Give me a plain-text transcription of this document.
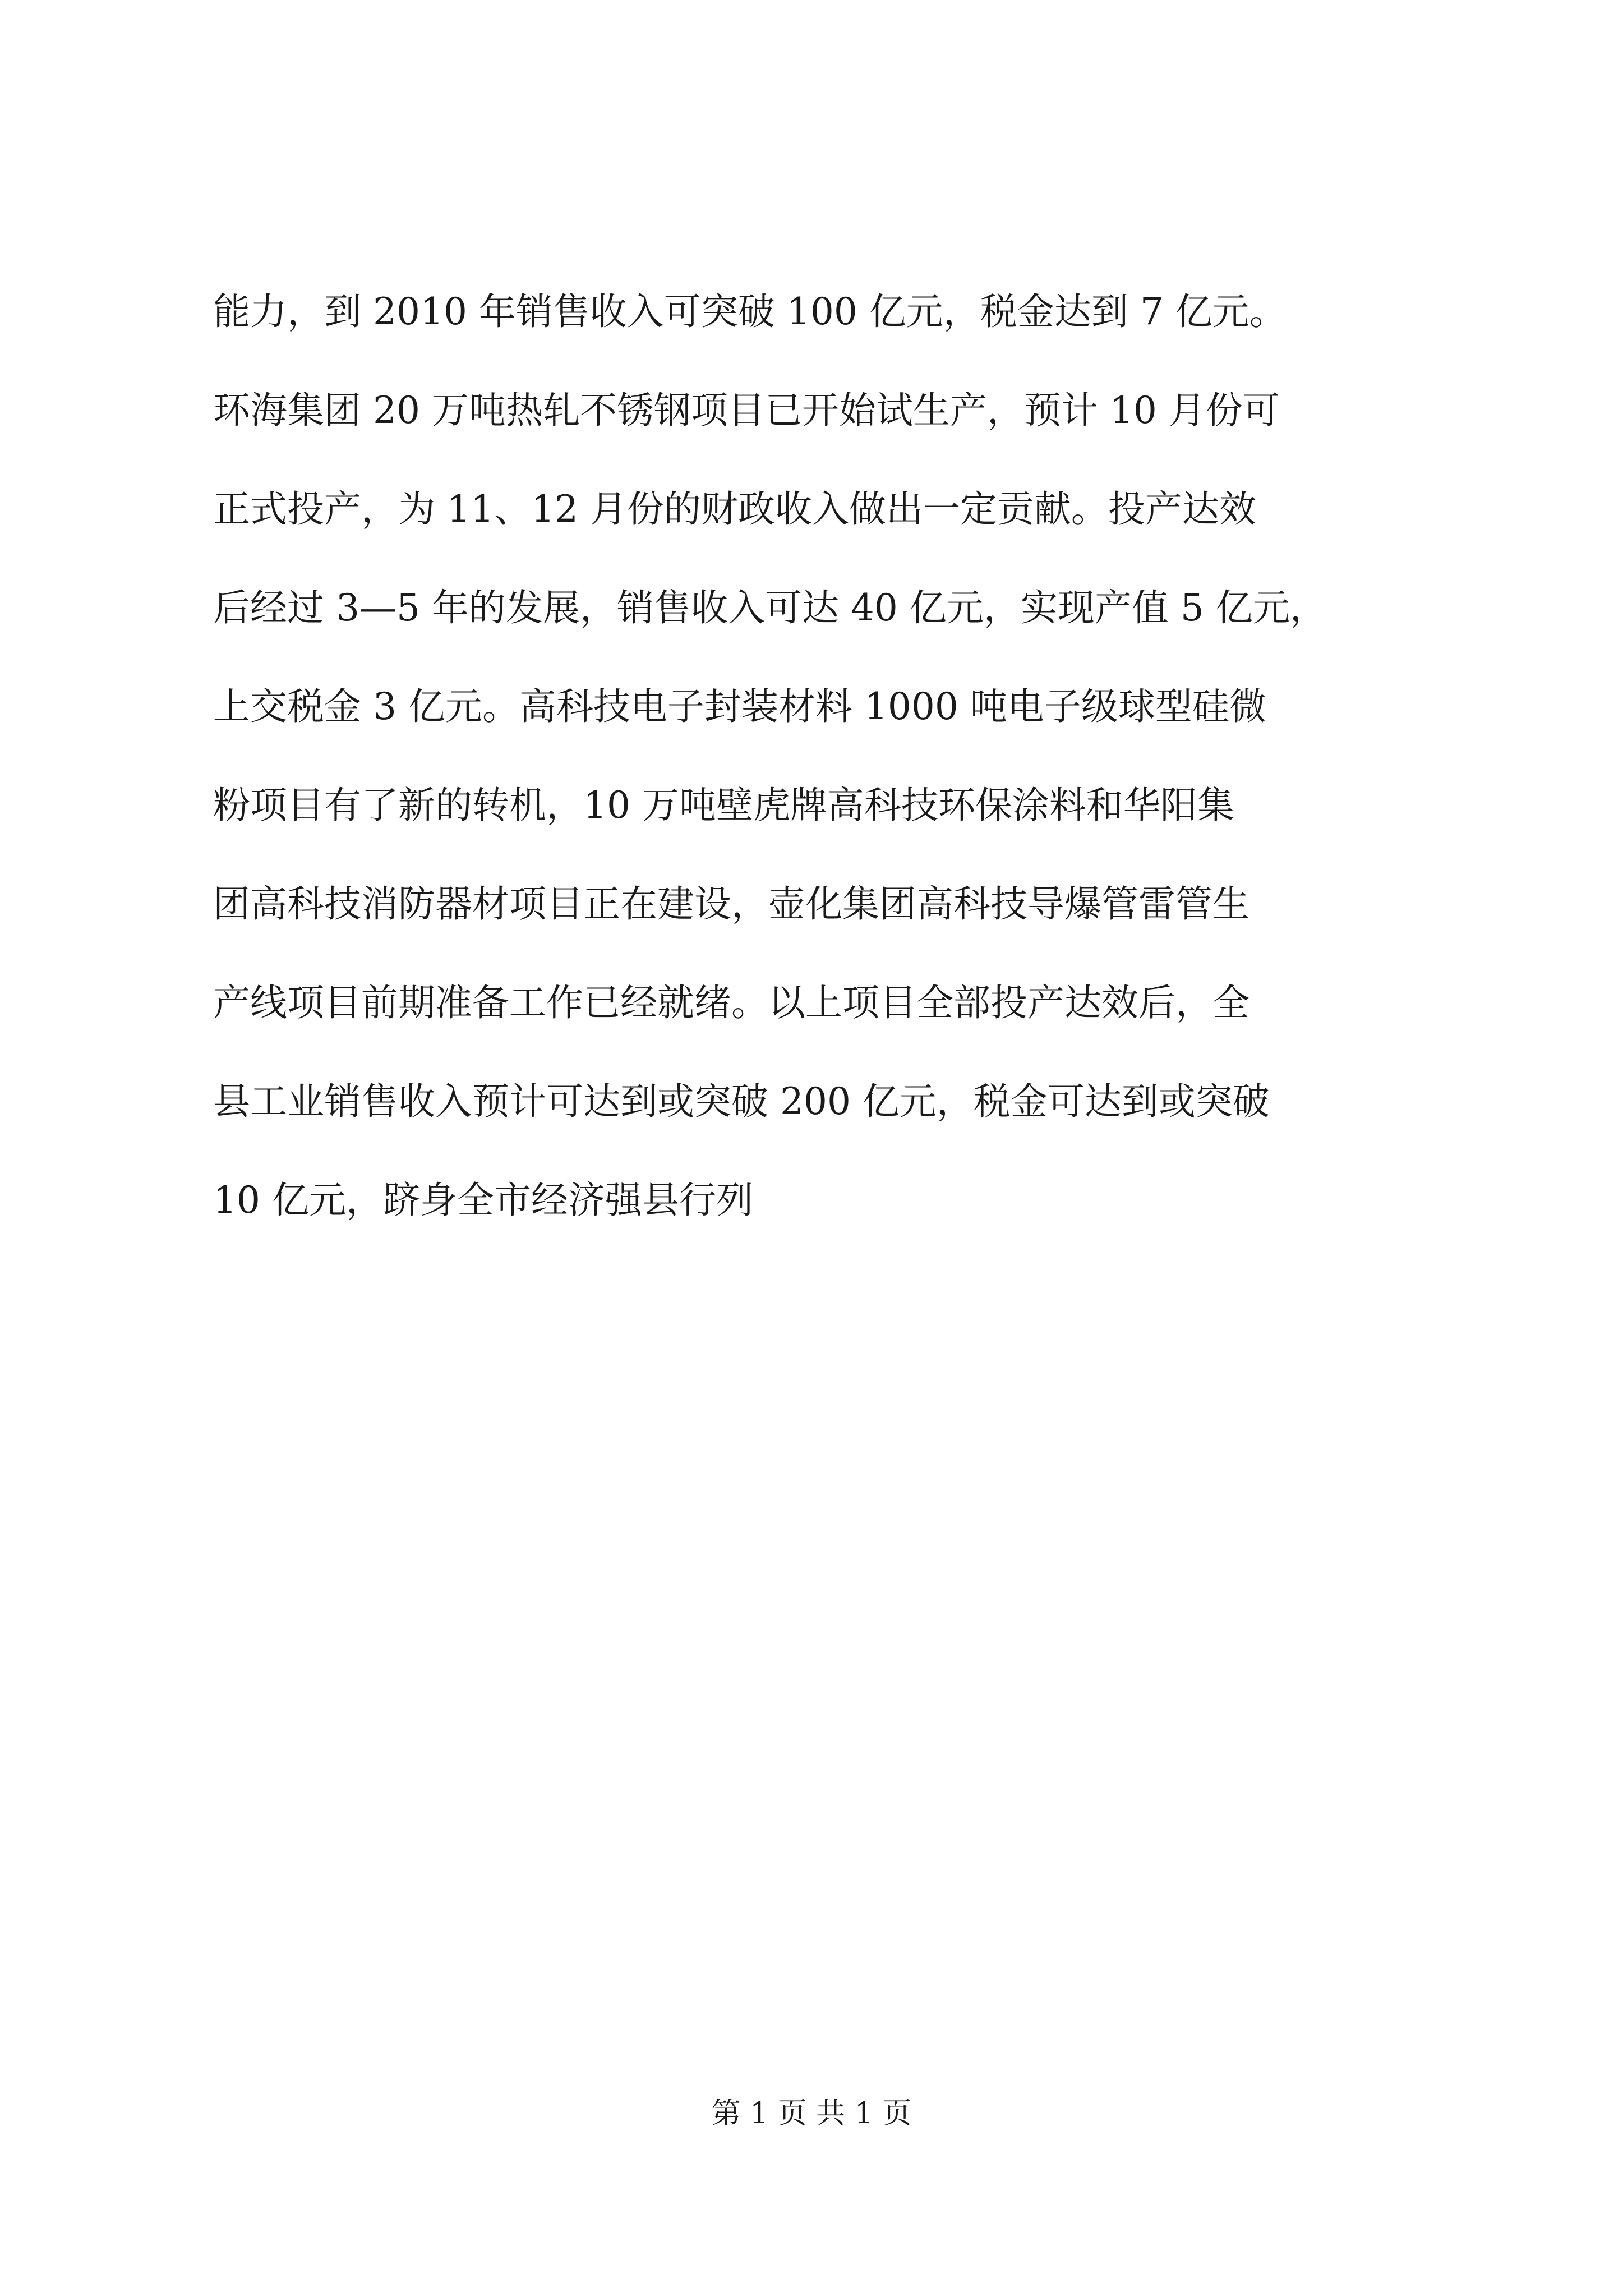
能力，到 2010 年销售收入可突破 100 亿元，税金达到 7 亿元。
环海集团 20 万吨热轧不锈钢项目已开始试生产，预计 10 月份可
正式投产，为 11、12 月份的财政收入做出一定贡献。投产达效
后经过 3—5 年的发展，销售收入可达 40 亿元，实现产值 5 亿元，
上交税金 3 亿元。高科技电子封装材料 1000 吨电子级球型硅微
粉项目有了新的转机，10 万吨壁虎牌高科技环保涂料和华阳集
团高科技消防器材项目正在建设，壶化集团高科技导爆管雷管生
产线项目前期准备工作已经就绪。以上项目全部投产达效后，全
县工业销售收入预计可达到或突破 200 亿元，税金可达到或突破
10 亿元，跻身全市经济强县行列
第 1 页 共 1 页
